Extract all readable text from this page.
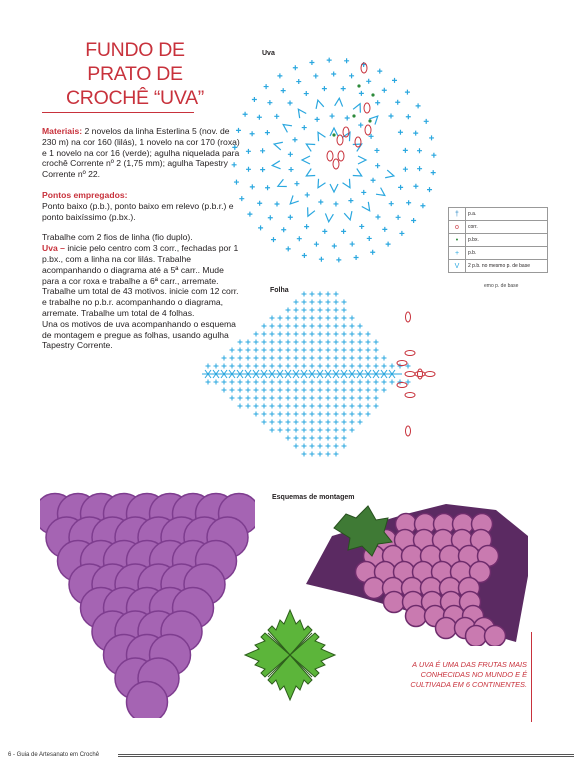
FUNDO DE
PRATO DE
CROCHÊ “UVA”

Materiais: 2 novelos da linha Esterlina 5 (nov. de 230 m) na cor 160 (lilás), 1 novelo na cor 170 (roxa) e 1 novelo na cor 16 (verde); agulha niquelada para crochê Corrente nº 2 (1,75 mm); agulha Tapestry Corrente nº 22.

Pontos empregados:

Ponto baixo (p.b.), ponto baixo em relevo (p.b.r.) e ponto baixíssimo (p.bx.).

Trabalhe com 2 fios de linha (fio duplo).

Uva – inicie pelo centro com 3 corr., fechadas por 1 p.bx., com a linha na cor lilás. Trabalhe acompanhando o diagrama até a 5ª carr.. Mude para a cor roxa e trabalhe a 6ª carr., arremate. Trabalhe um total de 43 motivos. inicie com 12 corr. e trabalhe no p.b.r. acompanhando o diagrama, arremate. Trabalhe um total de 4 folhas.

Una os motivos de uva acompanhando o esquema de montagem e pregue as folhas, usando agulha Tapestry Corrente.

Uva
Folha
Esquemas de montagem
†	p.a.
o	corr.
•	p.bx.
+	p.b.
V	2 p.b. no mesmo p. de base
emo p. de base
A UVA É UMA DAS FRUTAS MAIS CONHECIDAS NO MUNDO E É CULTIVADA EM 6 CONTINENTES.
6 - Guia de Artesanato em Crochê
